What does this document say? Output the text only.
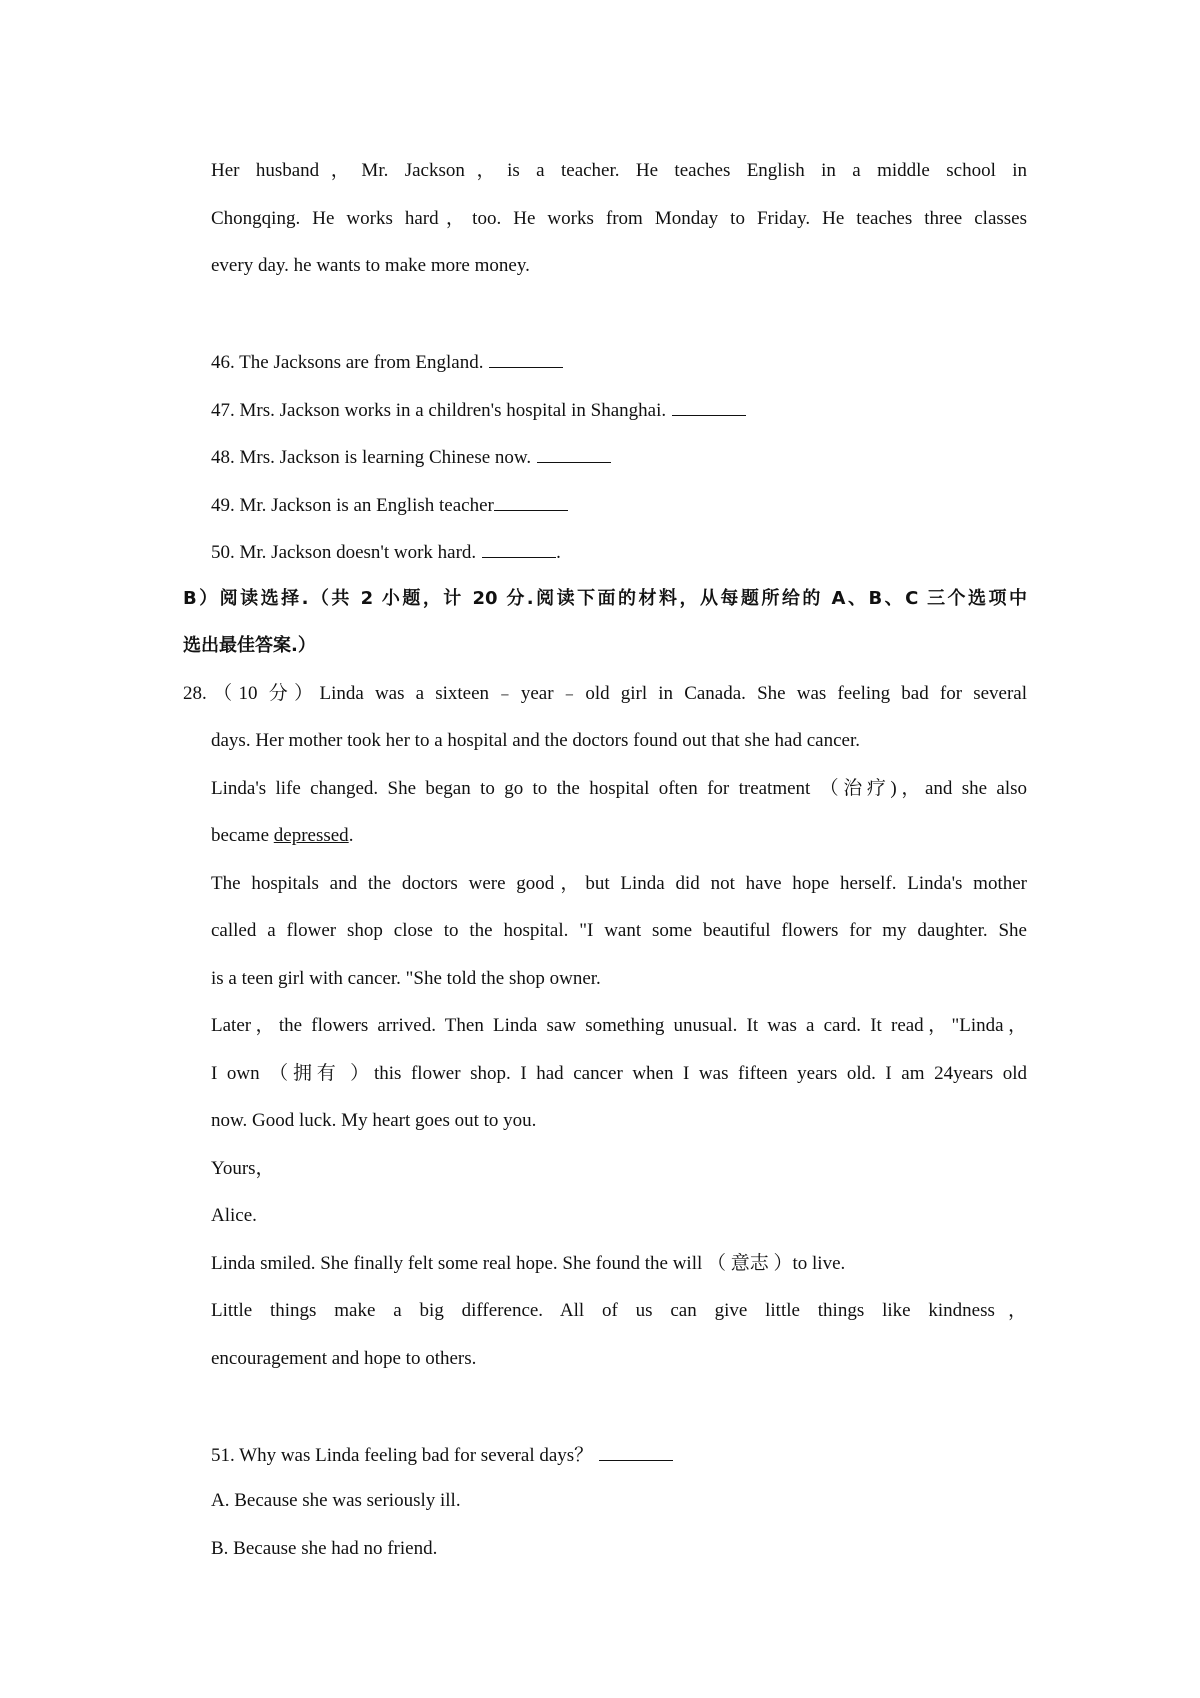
Her husband，Mr. Jackson，is a teacher. He teaches English in a middle school in
Chongqing. He works hard，too. He works from Monday to Friday. He teaches three classes
every day. he wants to make more money.
46. The Jacksons are from England.
47. Mrs. Jackson works in a children's hospital in Shanghai.
48. Mrs. Jackson is learning Chinese now.
49. Mr. Jackson is an English teacher
50. Mr. Jackson doesn't work hard.	.
B）阅读选择.（共 2 小题，计 20 分.阅读下面的材料，从每题所给的 A、B、C 三个选项中
选出最佳答案.）
28.（10 分）Linda was a sixteen﹣year﹣old girl in Canada. She was feeling bad for several
days. Her mother took her to a hospital and the doctors found out that she had cancer.
Linda's life changed. She began to go to the hospital often for treatment （治疗)，and she also
became depressed.
The hospitals and the doctors were good，but Linda did not have hope herself. Linda's mother
called a flower shop close to the hospital. "I want some beautiful flowers for my daughter. She
is a teen girl with cancer. "She told the shop owner.
Later，the flowers arrived. Then Linda saw something unusual. It was a card. It read，"Linda，
I own （拥有 ）this flower shop. I had cancer when I was fifteen years old. I am 24years old
now. Good luck. My heart goes out to you.
Yours，
Alice.
Linda smiled. She finally felt some real hope. She found the will （ 意志 ）to live.
Little things make a big difference. All of us can give little things like kindness，
encouragement and hope to others.
51. Why was Linda feeling bad for several days？
A. Because she was seriously ill.
B. Because she had no friend.
